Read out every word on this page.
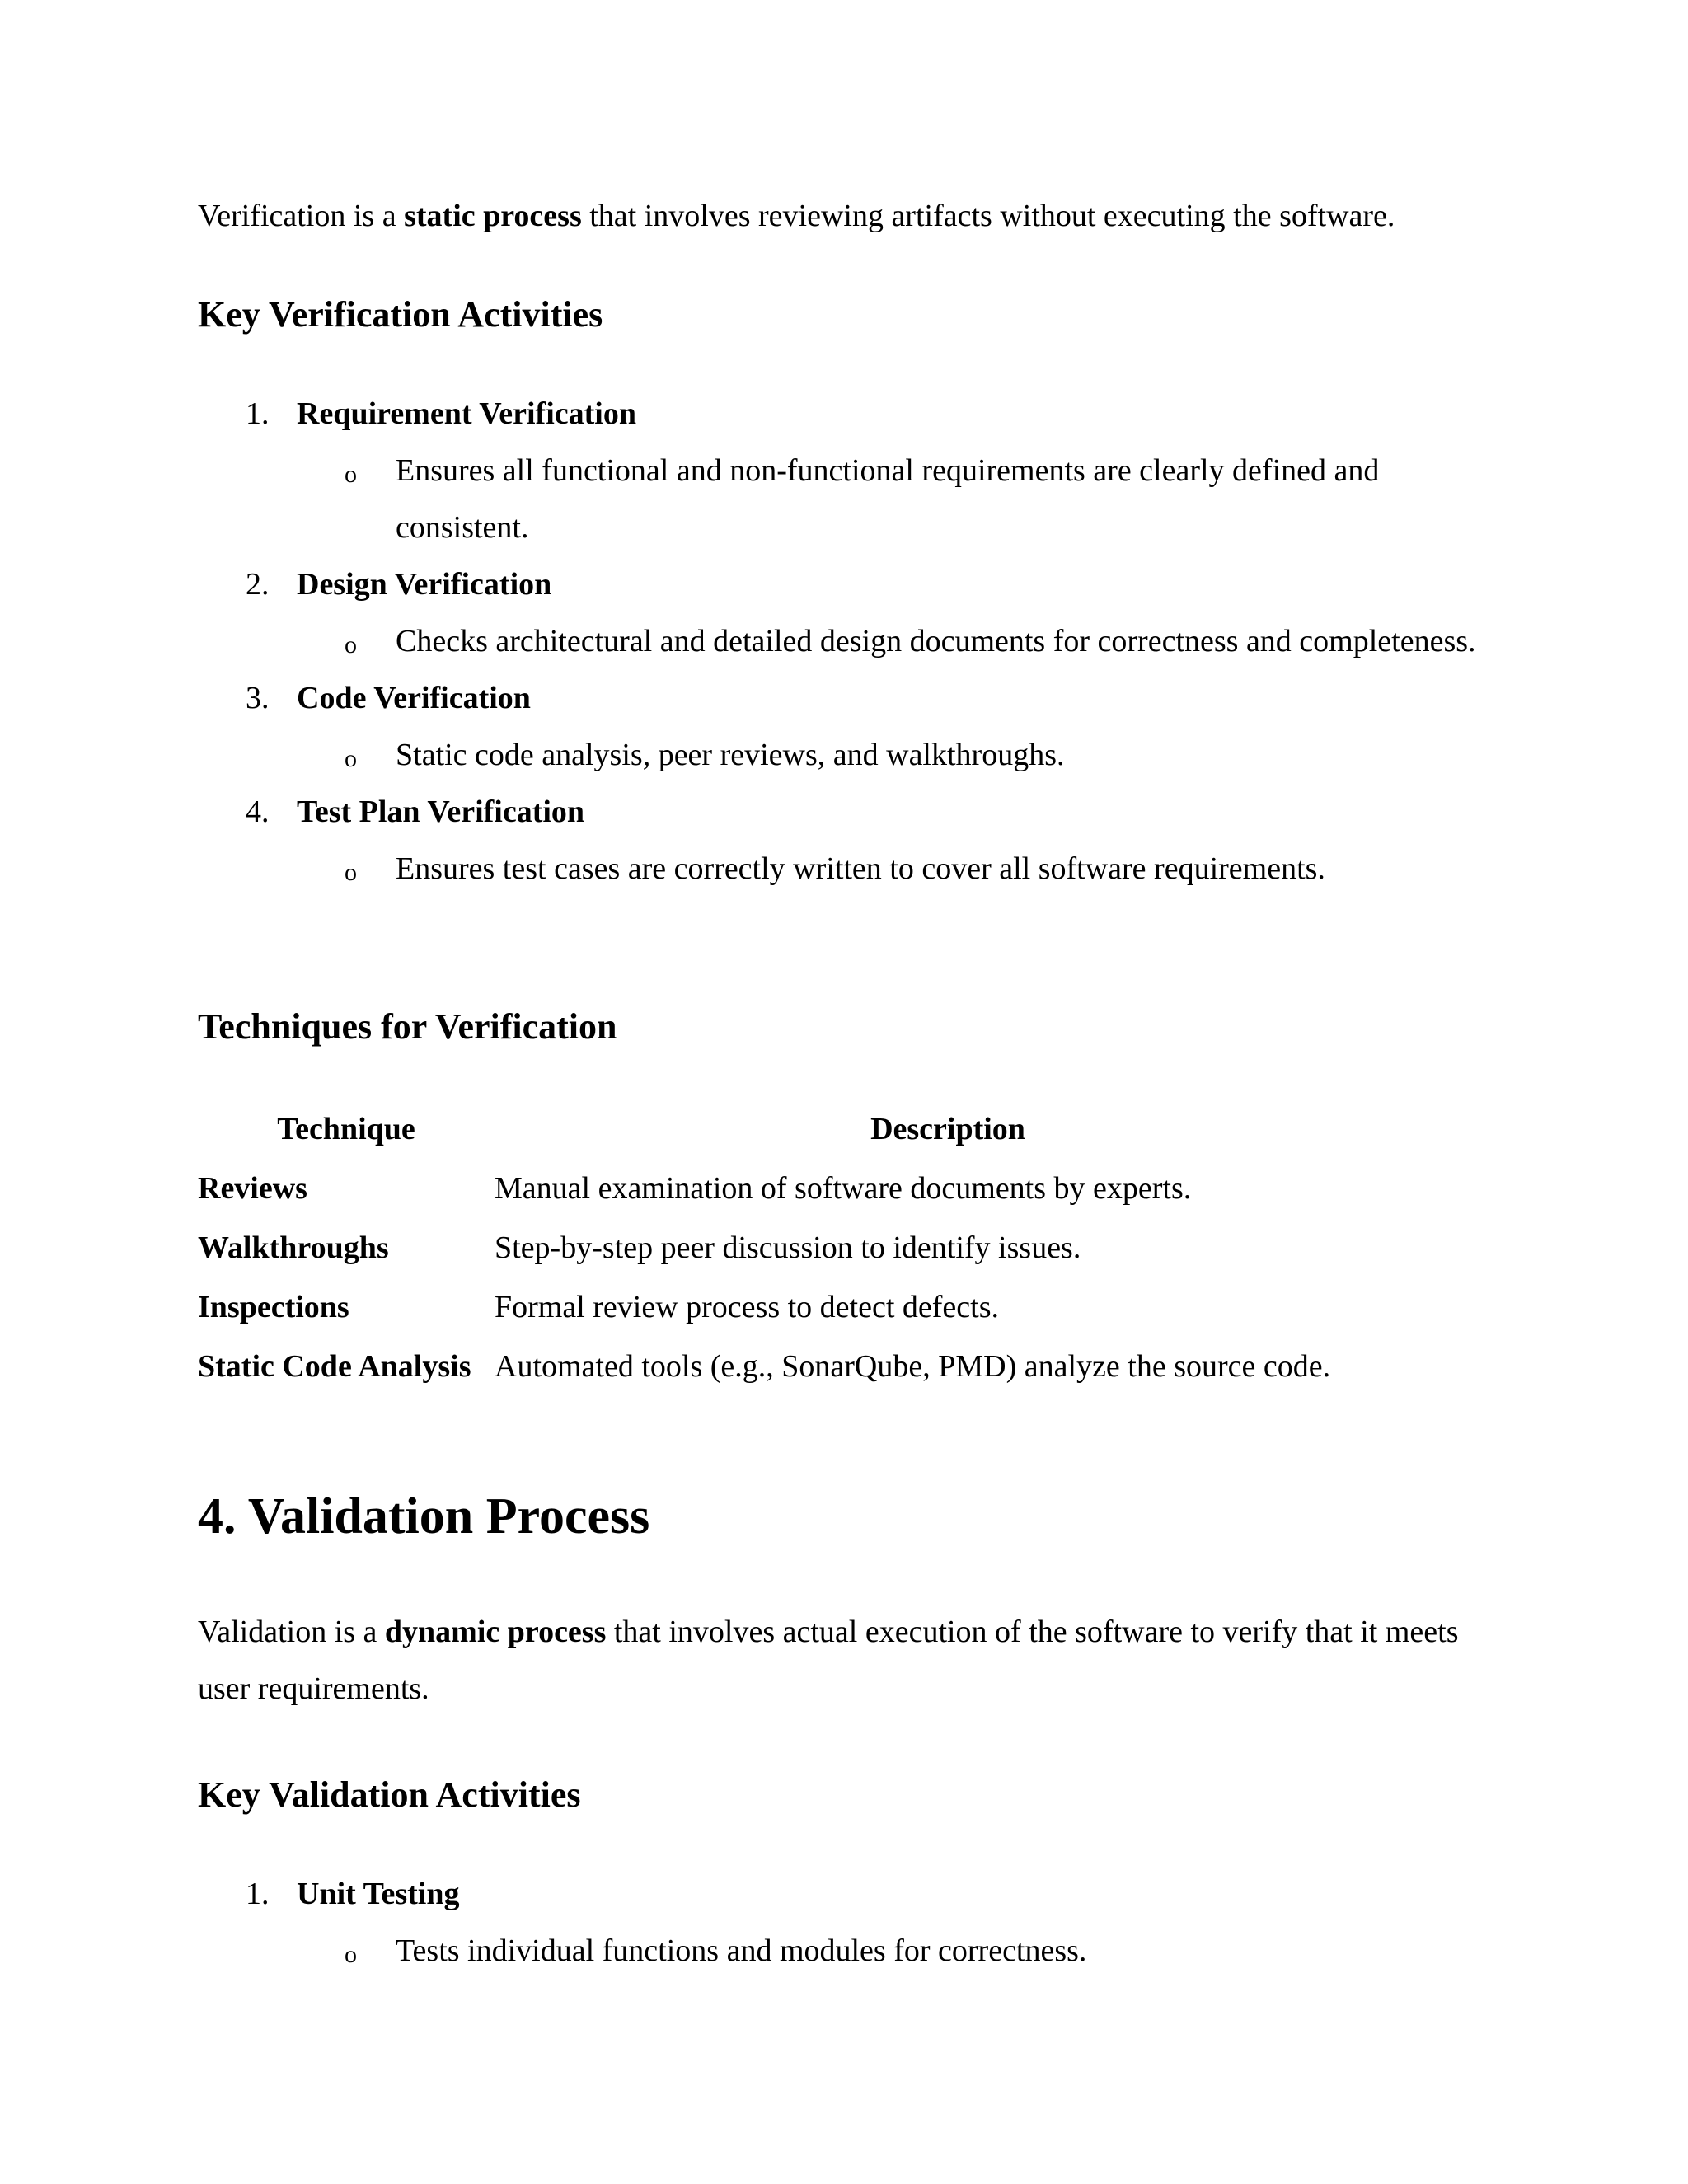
Verification is a static process that involves reviewing artifacts without executing the software.

Key Verification Activities
1. Requirement Verification
o Ensures all functional and non-functional requirements are clearly defined and consistent.
2. Design Verification
o Checks architectural and detailed design documents for correctness and completeness.
3. Code Verification
o Static code analysis, peer reviews, and walkthroughs.
4. Test Plan Verification
o Ensures test cases are correctly written to cover all software requirements.
Techniques for Verification
Technique	Description
Reviews	Manual examination of software documents by experts.
Walkthroughs	Step-by-step peer discussion to identify issues.
Inspections	Formal review process to detect defects.
Static Code Analysis	Automated tools (e.g., SonarQube, PMD) analyze the source code.
4. Validation Process

Validation is a dynamic process that involves actual execution of the software to verify that it meets user requirements.

Key Validation Activities
1. Unit Testing
o Tests individual functions and modules for correctness.
